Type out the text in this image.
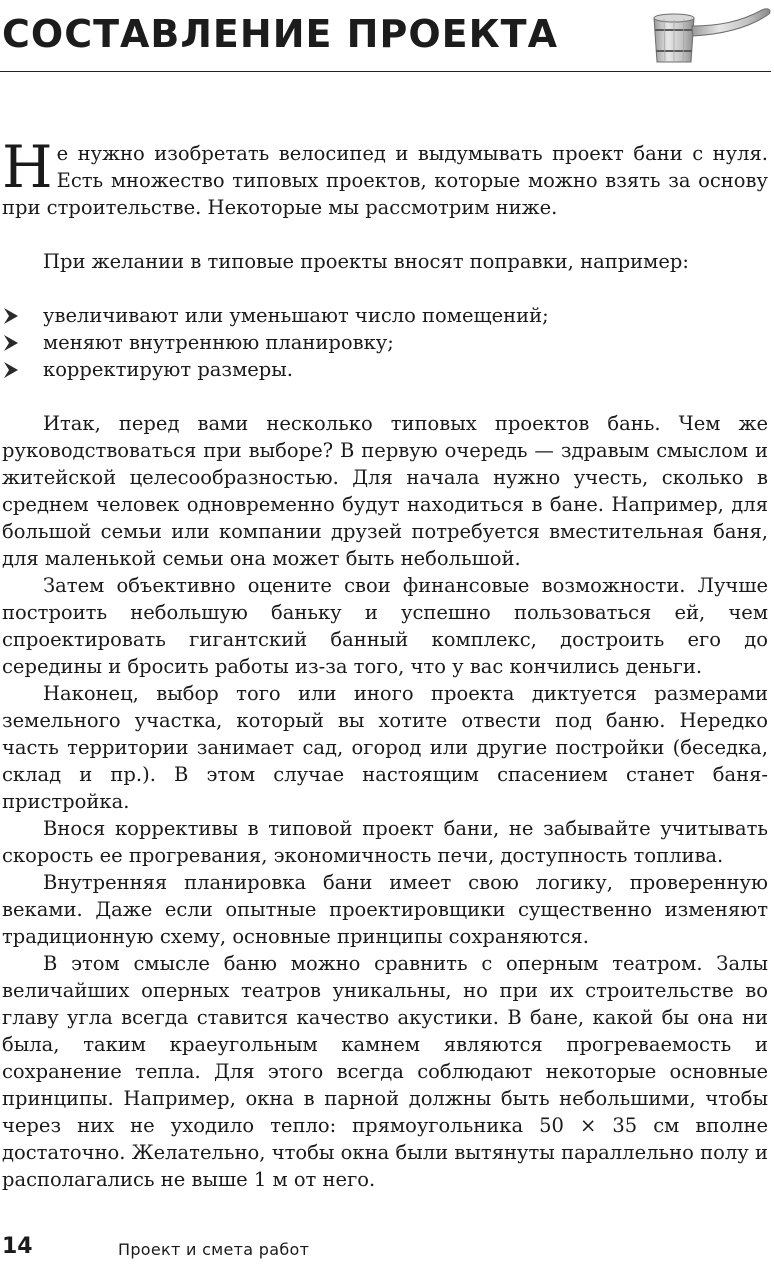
СОСТАВЛЕНИЕ ПРОЕКТА

Не нужно изобретать велосипед и выдумывать проект бани с нуля. Есть множество типовых проектов, которые можно взять за основу при строительстве. Некоторые мы рассмотрим ниже.

При желании в типовые проекты вносят поправки, например:

увеличивают или уменьшают число помещений;
меняют внутреннюю планировку;
корректируют размеры.

Итак, перед вами несколько типовых проектов бань. Чем же руководствоваться при выборе? В первую очередь — здравым смыслом и житейской целесообразностью. Для начала нужно учесть, сколько в среднем человек одновременно будут находиться в бане. Например, для большой семьи или компании друзей потребуется вместительная баня, для маленькой семьи она может быть небольшой.

Затем объективно оцените свои финансовые возможности. Лучше построить небольшую баньку и успешно пользоваться ей, чем спроектировать гигантский банный комплекс, достроить его до середины и бросить работы из-за того, что у вас кончились деньги.

Наконец, выбор того или иного проекта диктуется размерами земельного участка, который вы хотите отвести под баню. Нередко часть территории занимает сад, огород или другие постройки (беседка, склад и пр.). В этом случае настоящим спасением станет баня-пристройка.

Внося коррективы в типовой проект бани, не забывайте учитывать скорость ее прогревания, экономичность печи, доступность топлива.

Внутренняя планировка бани имеет свою логику, проверенную веками. Даже если опытные проектировщики существенно изменяют традиционную схему, основные принципы сохраняются.

В этом смысле баню можно сравнить с оперным театром. Залы величайших оперных театров уникальны, но при их строительстве во главу угла всегда ставится качество акустики. В бане, какой бы она ни была, таким краеугольным камнем являются прогреваемость и сохранение тепла. Для этого всегда соблюдают некоторые основные принципы. Например, окна в парной должны быть небольшими, чтобы через них не уходило тепло: прямоугольника 50 × 35 см вполне достаточно. Желательно, чтобы окна были вытянуты параллельно полу и располагались не выше 1 м от него.

14	Проект и смета работ
